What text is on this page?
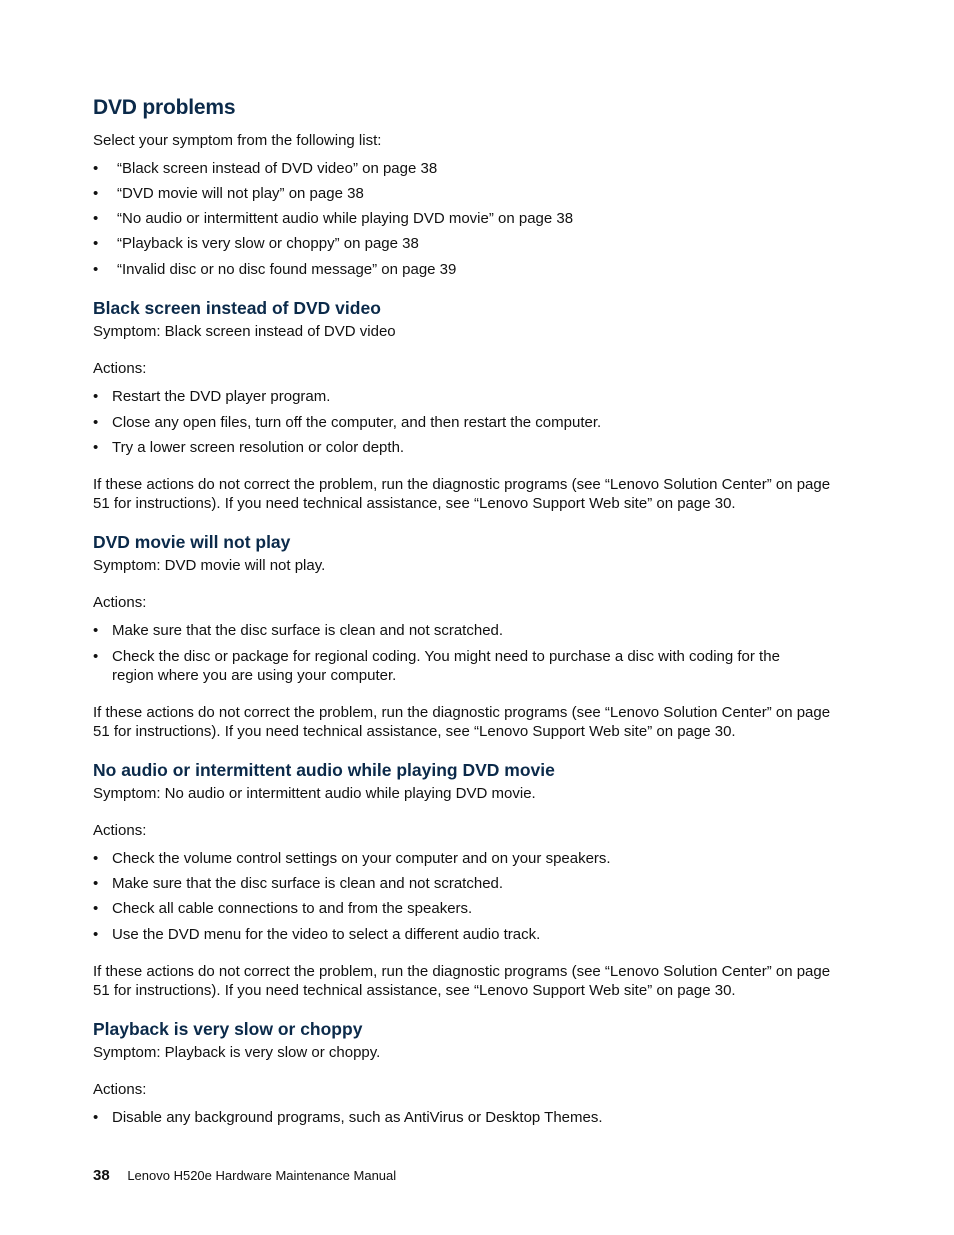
DVD problems
Select your symptom from the following list:
• “Black screen instead of DVD video” on page 38
• “DVD movie will not play” on page 38
• “No audio or intermittent audio while playing DVD movie” on page 38
• “Playback is very slow or choppy” on page 38
• “Invalid disc or no disc found message” on page 39
Black screen instead of DVD video
Symptom: Black screen instead of DVD video
Actions:
• Restart the DVD player program.
• Close any open files, turn off the computer, and then restart the computer.
• Try a lower screen resolution or color depth.
If these actions do not correct the problem, run the diagnostic programs (see “Lenovo Solution Center” on page 51 for instructions). If you need technical assistance, see “Lenovo Support Web site” on page 30.
DVD movie will not play
Symptom: DVD movie will not play.
Actions:
• Make sure that the disc surface is clean and not scratched.
• Check the disc or package for regional coding. You might need to purchase a disc with coding for the region where you are using your computer.
If these actions do not correct the problem, run the diagnostic programs (see “Lenovo Solution Center” on page 51 for instructions). If you need technical assistance, see “Lenovo Support Web site” on page 30.
No audio or intermittent audio while playing DVD movie
Symptom: No audio or intermittent audio while playing DVD movie.
Actions:
• Check the volume control settings on your computer and on your speakers.
• Make sure that the disc surface is clean and not scratched.
• Check all cable connections to and from the speakers.
• Use the DVD menu for the video to select a different audio track.
If these actions do not correct the problem, run the diagnostic programs (see “Lenovo Solution Center” on page 51 for instructions). If you need technical assistance, see “Lenovo Support Web site” on page 30.
Playback is very slow or choppy
Symptom: Playback is very slow or choppy.
Actions:
• Disable any background programs, such as AntiVirus or Desktop Themes.
38 Lenovo H520e Hardware Maintenance Manual
